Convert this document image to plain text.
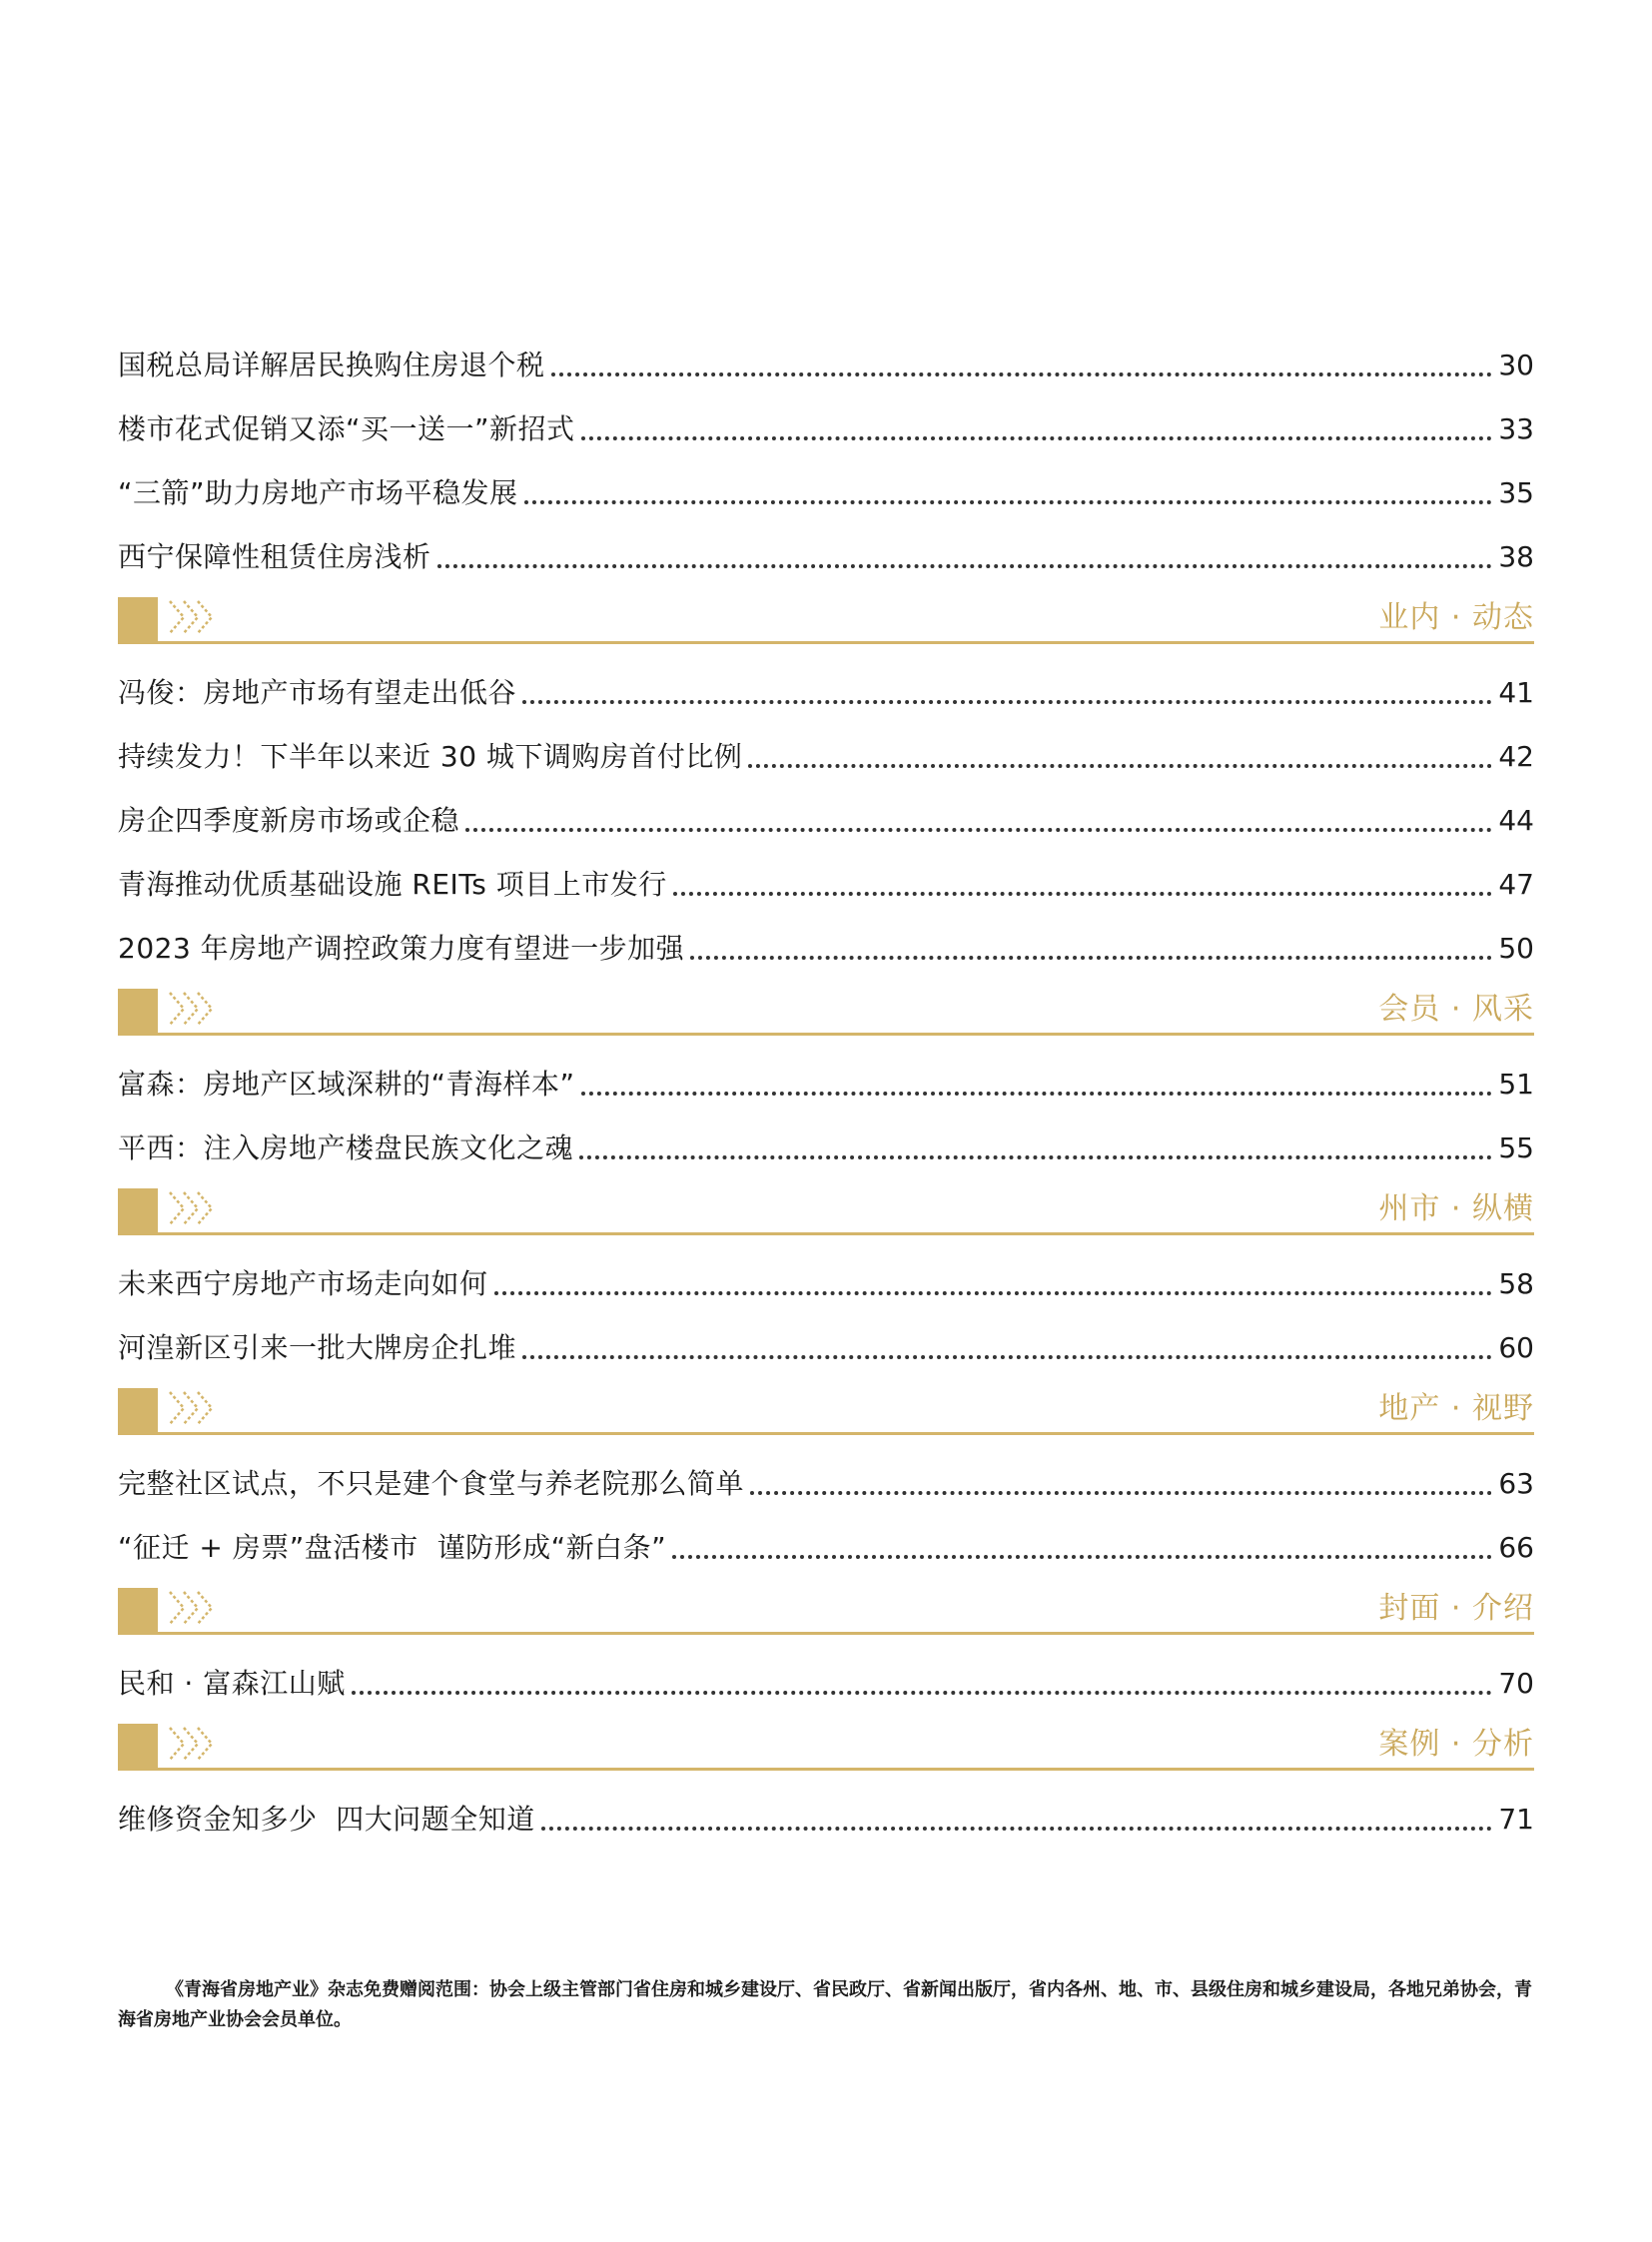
国税总局详解居民换购住房退个税	30
楼市花式促销又添“买一送一”新招式	33
“三箭”助力房地产市场平稳发展	35
西宁保障性租赁住房浅析	38
业内 · 动态
冯俊：房地产市场有望走出低谷	41
持续发力！下半年以来近 30 城下调购房首付比例	42
房企四季度新房市场或企稳	44
青海推动优质基础设施 REITs 项目上市发行	47
2023 年房地产调控政策力度有望进一步加强	50
会员 · 风采
富森：房地产区域深耕的“青海样本”	51
平西：注入房地产楼盘民族文化之魂	55
州市 · 纵横
未来西宁房地产市场走向如何	58
河湟新区引来一批大牌房企扎堆	60
地产 · 视野
完整社区试点，不只是建个食堂与养老院那么简单	63
“征迁 + 房票”盘活楼市  谨防形成“新白条”	66
封面 · 介绍
民和 · 富森江山赋	70
案例 · 分析
维修资金知多少  四大问题全知道	71
《青海省房地产业》杂志免费赠阅范围：协会上级主管部门省住房和城乡建设厅、省民政厅、省新闻出版厅，省内各州、地、市、县级住房和城乡建设局，各地兄弟协会，青海省房地产业协会会员单位。
